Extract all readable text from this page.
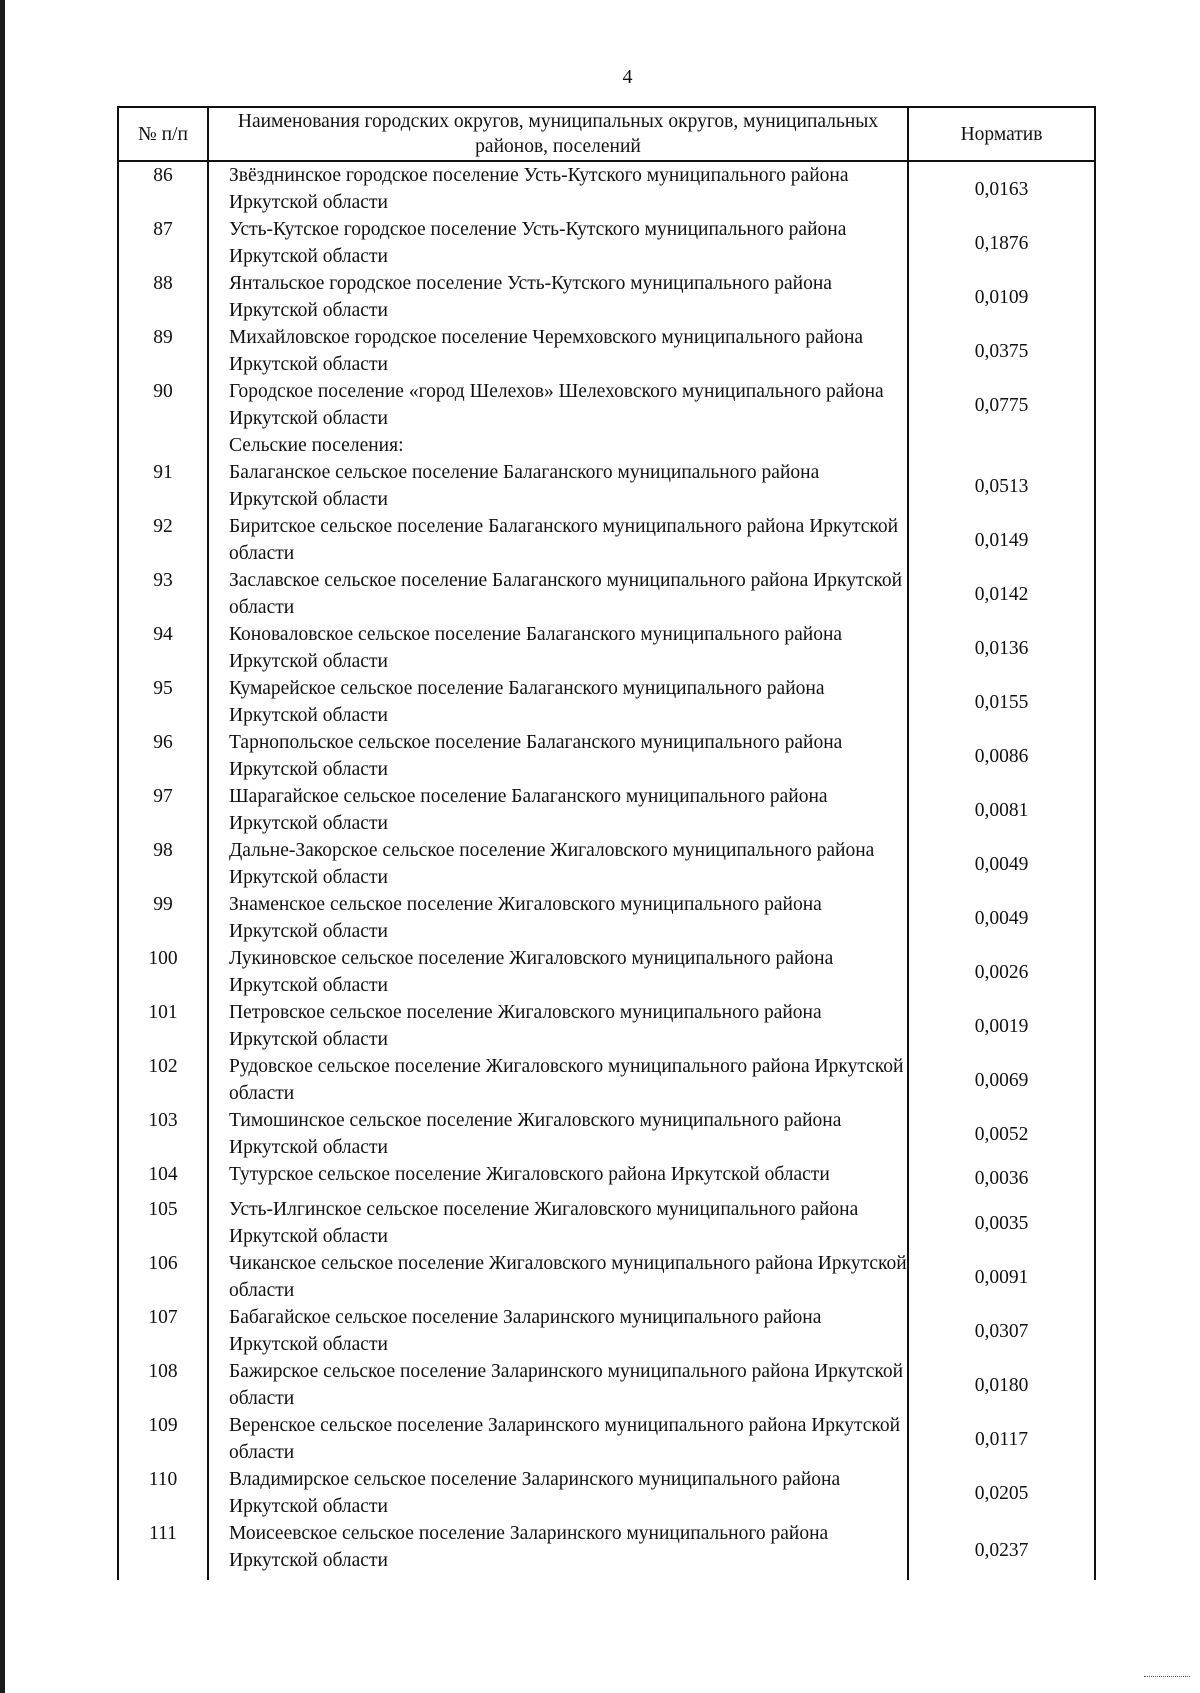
4
№ п/п	Наименования городских округов, муниципальных округов, муниципальных районов, поселений	Норматив
86	Звёзднинское городское поселение Усть-Кутского муниципального района Иркутской области	0,0163
87	Усть-Кутское городское поселение Усть-Кутского муниципального района Иркутской области	0,1876
88	Янтальское городское поселение Усть-Кутского муниципального района Иркутской области	0,0109
89	Михайловское городское поселение Черемховского муниципального района Иркутской области	0,0375
90	Городское поселение «город Шелехов» Шелеховского муниципального района Иркутской области	0,0775
	Сельские поселения:	
91	Балаганское сельское поселение Балаганского муниципального района Иркутской области	0,0513
92	Биритское сельское поселение Балаганского муниципального района Иркутской области	0,0149
93	Заславское сельское поселение Балаганского муниципального района Иркутской области	0,0142
94	Коноваловское сельское поселение Балаганского муниципального района Иркутской области	0,0136
95	Кумарейское сельское поселение Балаганского муниципального района Иркутской области	0,0155
96	Тарнопольское сельское поселение Балаганского муниципального района Иркутской области	0,0086
97	Шарагайское сельское поселение Балаганского муниципального района Иркутской области	0,0081
98	Дальне-Закорское сельское поселение Жигаловского муниципального района Иркутской области	0,0049
99	Знаменское сельское поселение Жигаловского муниципального района Иркутской области	0,0049
100	Лукиновское сельское поселение Жигаловского муниципального района Иркутской области	0,0026
101	Петровское сельское поселение Жигаловского муниципального района Иркутской области	0,0019
102	Рудовское сельское поселение Жигаловского муниципального района Иркутской области	0,0069
103	Тимошинское сельское поселение Жигаловского муниципального района Иркутской области	0,0052
104	Тутурское сельское поселение Жигаловского района Иркутской области	0,0036
105	Усть-Илгинское сельское поселение Жигаловского муниципального района Иркутской области	0,0035
106	Чиканское сельское поселение Жигаловского муниципального района Иркутской области	0,0091
107	Бабагайское сельское поселение Заларинского муниципального района Иркутской области	0,0307
108	Бажирское сельское поселение Заларинского муниципального района Иркутской области	0,0180
109	Веренское сельское поселение Заларинского муниципального района Иркутской области	0,0117
110	Владимирское сельское поселение Заларинского муниципального района Иркутской области	0,0205
111	Моисеевское сельское поселение Заларинского муниципального района Иркутской области	0,0237
